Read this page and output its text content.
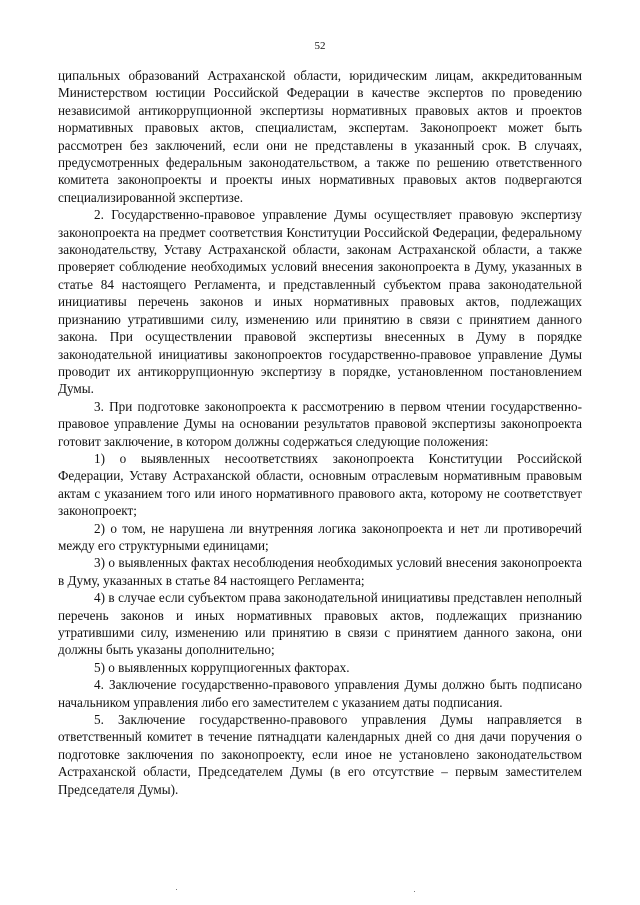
52

ципальных образований Астраханской области, юридическим лицам, аккредитованным Министерством юстиции Российской Федерации в качестве экспертов по проведению независимой антикоррупционной экспертизы нормативных правовых актов и проектов нормативных правовых актов, специалистам, экспертам. Законопроект может быть рассмотрен без заключений, если они не представлены в указанный срок. В случаях, предусмотренных федеральным законодательством, а также по решению ответственного комитета законопроекты и проекты иных нормативных правовых актов подвергаются специализированной экспертизе.

2. Государственно-правовое управление Думы осуществляет правовую экспертизу законопроекта на предмет соответствия Конституции Российской Федерации, федеральному законодательству, Уставу Астраханской области, законам Астраханской области, а также проверяет соблюдение необходимых условий внесения законопроекта в Думу, указанных в статье 84 настоящего Регламента, и представленный субъектом права законодательной инициативы перечень законов и иных нормативных правовых актов, подлежащих признанию утратившими силу, изменению или принятию в связи с принятием данного закона. При осуществлении правовой экспертизы внесенных в Думу в порядке законодательной инициативы законопроектов государственно-правовое управление Думы проводит их антикоррупционную экспертизу в порядке, установленном постановлением Думы.

3. При подготовке законопроекта к рассмотрению в первом чтении государственно-правовое управление Думы на основании результатов правовой экспертизы законопроекта готовит заключение, в котором должны содержаться следующие положения:

1) о выявленных несоответствиях законопроекта Конституции Российской Федерации, Уставу Астраханской области, основным отраслевым нормативным правовым актам с указанием того или иного нормативного правового акта, которому не соответствует законопроект;

2) о том, не нарушена ли внутренняя логика законопроекта и нет ли противоречий между его структурными единицами;

3) о выявленных фактах несоблюдения необходимых условий внесения законопроекта в Думу, указанных в статье 84 настоящего Регламента;

4) в случае если субъектом права законодательной инициативы представлен неполный перечень законов и иных нормативных правовых актов, подлежащих признанию утратившими силу, изменению или принятию в связи с принятием данного закона, они должны быть указаны дополнительно;

5) о выявленных коррупциогенных факторах.

4. Заключение государственно-правового управления Думы должно быть подписано начальником управления либо его заместителем с указанием даты подписания.

5. Заключение государственно-правового управления Думы направляется в ответственный комитет в течение пятнадцати календарных дней со дня дачи поручения о подготовке заключения по законопроекту, если иное не установлено законодательством Астраханской области, Председателем Думы (в его отсутствие – первым заместителем Председателя Думы).
